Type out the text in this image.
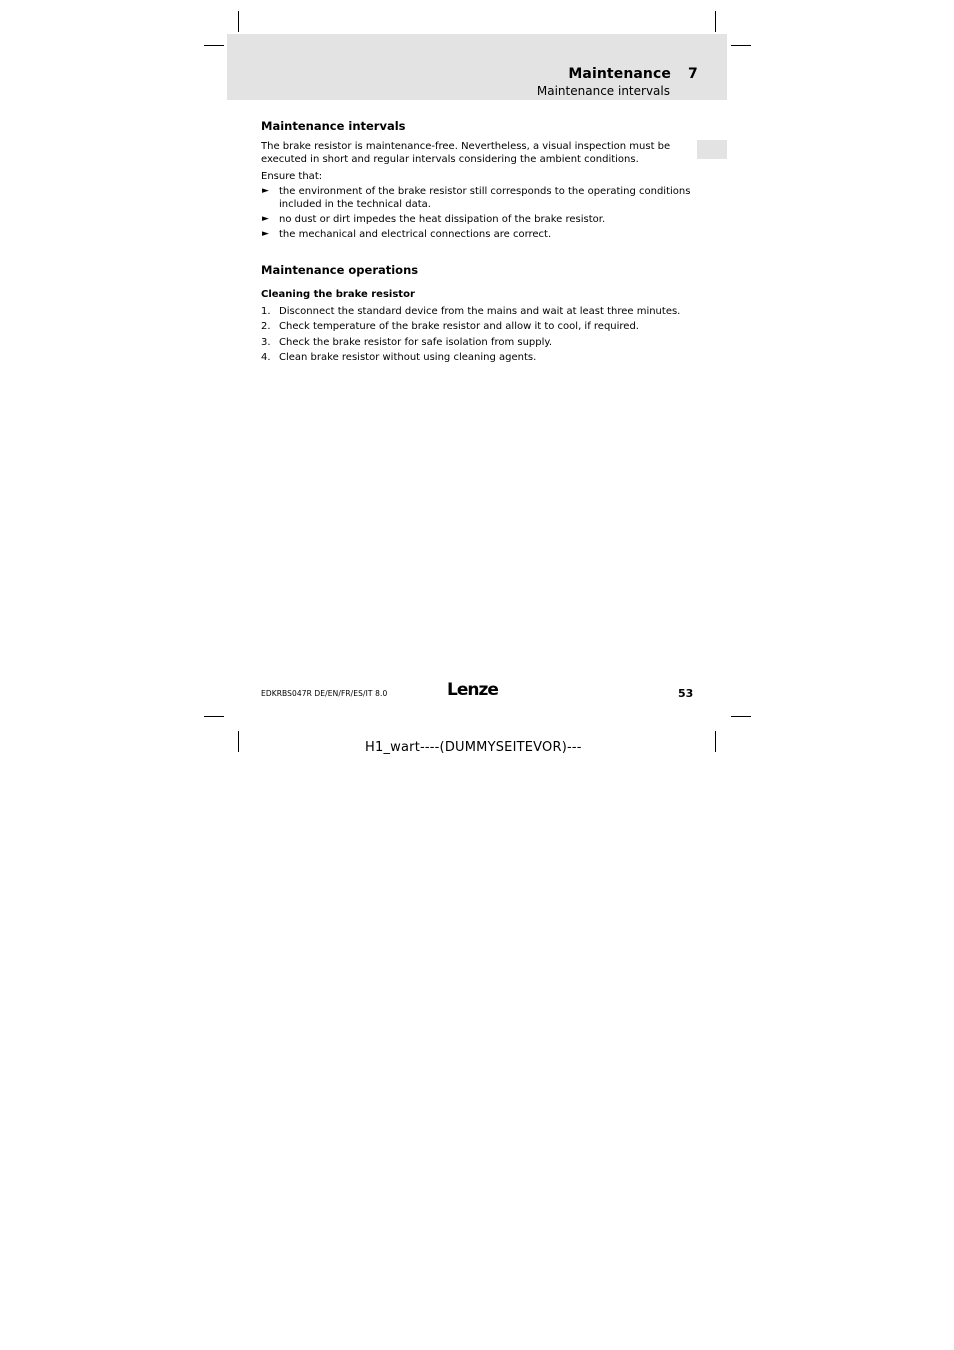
Maintenance 7
Maintenance intervals
Maintenance intervals

The brake resistor is maintenance-free. Nevertheless, a visual inspection must be executed in short and regular intervals considering the ambient conditions.

Ensure that:

► the environment of the brake resistor still corresponds to the operating conditions included in the technical data.
► no dust or dirt impedes the heat dissipation of the brake resistor.
► the mechanical and electrical connections are correct.
Maintenance operations
Cleaning the brake resistor
1. Disconnect the standard device from the mains and wait at least three minutes.
2. Check temperature of the brake resistor and allow it to cool, if required.
3. Check the brake resistor for safe isolation from supply.
4. Clean brake resistor without using cleaning agents.
EDKRBS047R DE/EN/FR/ES/IT 8.0	Lenze	53
H1_wart----(DUMMYSEITEVOR)---
